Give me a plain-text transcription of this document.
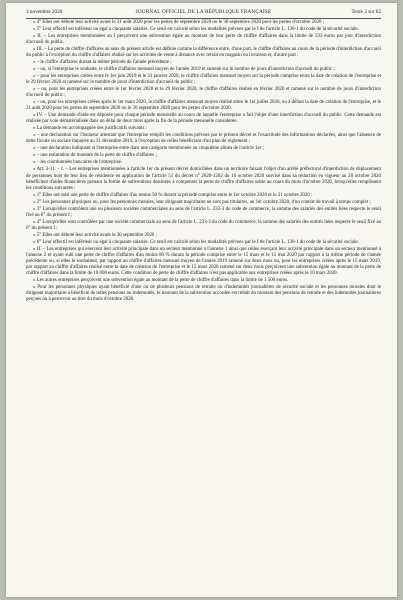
3 novembre 2020	JOURNAL OFFICIEL DE LA RÉPUBLIQUE FRANÇAISE	Texte 3 sur 62

« 4° Elles ont débuté leur activité avant le 31 août 2020 pour les pertes de septembre 2020 ou le 30 septembre 2020 pour les pertes d'octobre 2020 ;

« 5° Leur effectif est inférieur ou égal à cinquante salariés. Ce seuil est calculé selon les modalités prévues par le I de l'article L. 130-1 du code de la sécurité sociale.

« II. – Les entreprises mentionnées au I perçoivent une subvention égale au montant de leur perte de chiffre d'affaires dans la limite de 333 euros par jour d'interdiction d'accueil du public.

« III. – La perte de chiffre d'affaires au sens du présent article est définie comme la différence entre, d'une part, le chiffre d'affaires au cours de la période d'interdiction d'accueil du public à l'exception du chiffre d'affaires réalisé sur les activités de vente à distance avec retrait en magasin ou livraison et, d'autre part :

« – le chiffre d'affaires durant la même période de l'année précédente ;

« – ou, si l'entreprise le souhaite, le chiffre d'affaires mensuel moyen de l'année 2019 et ramené sur le nombre de jours d'interdiction d'accueil du public ;

« – pour les entreprises créées entre le 1er juin 2019 et le 31 janvier 2020, le chiffre d'affaires mensuel moyen sur la période comprise entre la date de création de l'entreprise et le 29 février 2020 et ramené sur le nombre de jours d'interdiction d'accueil du public ;

« – ou, pour les entreprises créées entre le 1er février 2020 et le 29 février 2020, le chiffre d'affaires réalisé en février 2020 et ramené sur le nombre de jours d'interdiction d'accueil du public ;

« – ou, pour les entreprises créées après le 1er mars 2020, le chiffre d'affaires mensuel moyen réalisé entre le 1er juillet 2020, ou à défaut la date de création de l'entreprise, et le 31 août 2020 pour les pertes de septembre 2020 ou le 30 septembre 2020 pour les pertes d'octobre 2020.

« IV. – Une demande d'aide est déposée pour chaque période mensuelle au cours de laquelle l'entreprise a fait l'objet d'une interdiction d'accueil du public. Cette demande est réalisée par voie dématérialisée dans un délai de deux mois après la fin de la période mensuelle considérée.

« La demande est accompagnée des justificatifs suivants :

« – une déclaration sur l'honneur attestant que l'entreprise remplit les conditions prévues par le présent décret et l'exactitude des informations déclarées, ainsi que l'absence de dette fiscale ou sociale impayée au 31 décembre 2019, à l'exception de celles bénéficiant d'un plan de règlement ;

« – une déclaration indiquant si l'entreprise entre dans une catégorie mentionnée au cinquième alinéa de l'article 1er ;

« – une estimation du montant de la perte de chiffre d'affaires ;

« – les coordonnées bancaires de l'entreprise.

« Art. 3-11. – I. – Les entreprises mentionnées à l'article 1er du présent décret domiciliées dans un territoire faisant l'objet d'un arrêté préfectoral d'interdiction de déplacement de personnes hors de leur lieu de résidence en application de l'article 51 du décret n° 2020-1262 du 16 octobre 2020 susvisé dans sa rédaction en vigueur au 28 octobre 2020 bénéficient d'aides financières prenant la forme de subventions destinées à compenser la perte de chiffre d'affaires subie au cours du mois d'octobre 2020, lorsqu'elles remplissent les conditions suivantes :

« 1° Elles ont subi une perte de chiffre d'affaires d'au moins 50 % durant la période comprise entre le 1er octobre 2020 et le 31 octobre 2020 ;

« 2° Les personnes physiques ou, pour les personnes morales, leur dirigeant majoritaire ne sont pas titulaires, au 1er octobre 2020, d'un contrat de travail à temps complet ;

« 3° Lorsqu'elles contrôlent une ou plusieurs sociétés commerciales au sens de l'article L. 233-3 du code de commerce, la somme des salariés des entités liées respecte le seuil fixé au 6° du présent I ;

« 4° Lorsqu'elles sont contrôlées par une société commerciale au sens de l'article L. 233-3 du code du commerce, la somme des salariés des entités liées respecte le seuil fixé au 6° du présent I ;

« 5° Elles ont débuté leur activité avant le 30 septembre 2020 ;

« 6° Leur effectif est inférieur ou égal à cinquante salariés. Ce seuil est calculé selon les modalités prévues par le I de l'article L. 130-1 du code de la sécurité sociale.

« II. – Les entreprises qui exercent leur activité principale dans un secteur mentionné à l'annexe 1 ainsi que celles exerçant leur activité principale dans un secteur mentionné à l'annexe 2 et ayant subi une perte de chiffre d'affaires d'au moins 80 % durant la période comprise entre le 15 mars et le 15 mai 2020 par rapport à la même période de l'année précédente ou, si elles le souhaitent, par rapport au chiffre d'affaires mensuel moyen de l'année 2019 ramené sur deux mois ou, pour les entreprises créées après le 15 mars 2019, par rapport au chiffre d'affaires réalisé entre la date de création de l'entreprise et le 15 mars 2020 ramené sur deux mois perçoivent une subvention égale au montant de la perte de chiffre d'affaires dans la limite de 10 000 euros. Cette condition de perte de chiffre d'affaires n'est pas applicable aux entreprises créées après le 10 mars 2020.

« Les autres entreprises perçoivent une subvention égale au montant de la perte de chiffre d'affaires dans la limite de 1 500 euros.

« Pour les personnes physiques ayant bénéficié d'une ou de plusieurs pensions de retraite ou d'indemnités journalières de sécurité sociale et les personnes morales dont le dirigeant majoritaire a bénéficié de telles pensions ou indemnités, le montant de la subvention accordée est réduit du montant des pensions de retraite et des indemnités journalières perçues ou à percevoir au titre du mois d'octobre 2020.
